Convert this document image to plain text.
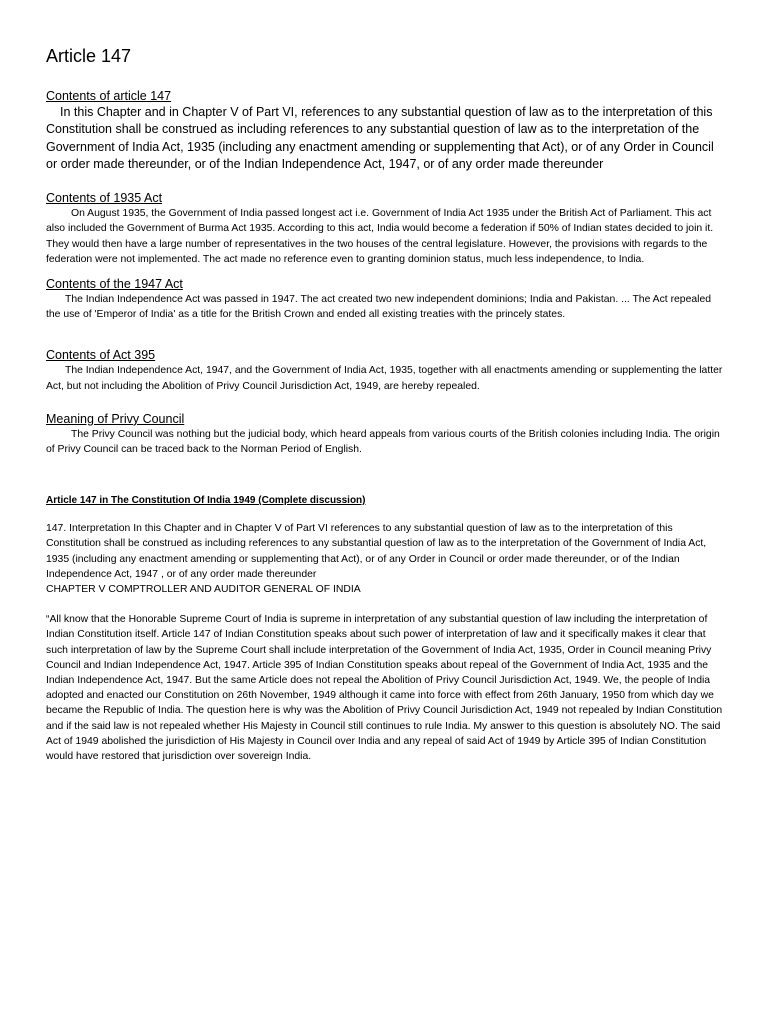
Article 147
Contents of article 147

In this Chapter and in Chapter V of Part VI, references to any substantial question of law as to the interpretation of this Constitution shall be construed as including references to any substantial question of law as to the interpretation of the Government of India Act, 1935 (including any enactment amending or supplementing that Act), or of any Order in Council or order made thereunder, or of the Indian Independence Act, 1947, or of any order made thereunder

Contents of 1935 Act

On August 1935, the Government of India passed longest act i.e. Government of India Act 1935 under the British Act of Parliament. This act also included the Government of Burma Act 1935. According to this act, India would become a federation if 50% of Indian states decided to join it. They would then have a large number of representatives in the two houses of the central legislature. However, the provisions with regards to the federation were not implemented. The act made no reference even to granting dominion status, much less independence, to India.

Contents of the 1947 Act

The Indian Independence Act was passed in 1947. The act created two new independent dominions; India and Pakistan. ... The Act repealed the use of 'Emperor of India' as a title for the British Crown and ended all existing treaties with the princely states.

Contents of Act 395

The Indian Independence Act, 1947, and the Government of India Act, 1935, together with all enactments amending or supplementing the latter Act, but not including the Abolition of Privy Council Jurisdiction Act, 1949, are hereby repealed.

Meaning of Privy Council

The Privy Council was nothing but the judicial body, which heard appeals from various courts of the British colonies including India. The origin of Privy Council can be traced back to the Norman Period of English.

Article 147 in The Constitution Of India 1949 (Complete discussion)

147. Interpretation In this Chapter and in Chapter V of Part VI references to any substantial question of law as to the interpretation of this Constitution shall be construed as including references to any substantial question of law as to the interpretation of the Government of India Act, 1935 (including any enactment amending or supplementing that Act), or of any Order in Council or order made thereunder, or of the Indian Independence Act, 1947 , or of any order made thereunder

CHAPTER V COMPTROLLER AND AUDITOR GENERAL OF INDIA

“All know that the Honorable Supreme Court of India is supreme in interpretation of any substantial question of law including the interpretation of Indian Constitution itself. Article 147 of Indian Constitution speaks about such power of interpretation of law and it specifically makes it clear that such interpretation of law by the Supreme Court shall include interpretation of the Government of India Act, 1935, Order in Council meaning Privy Council and Indian Independence Act, 1947. Article 395 of Indian Constitution speaks about repeal of the Government of India Act, 1935 and the Indian Independence Act, 1947. But the same Article does not repeal the Abolition of Privy Council Jurisdiction Act, 1949. We, the people of India adopted and enacted our Constitution on 26th November, 1949 although it came into force with effect from 26th January, 1950 from which day we became the Republic of India. The question here is why was the Abolition of Privy Council Jurisdiction Act, 1949 not repealed by Indian Constitution and if the said law is not repealed whether His Majesty in Council still continues to rule India. My answer to this question is absolutely NO. The said Act of 1949 abolished the jurisdiction of His Majesty in Council over India and any repeal of said Act of 1949 by Article 395 of Indian Constitution would have restored that jurisdiction over sovereign India.
